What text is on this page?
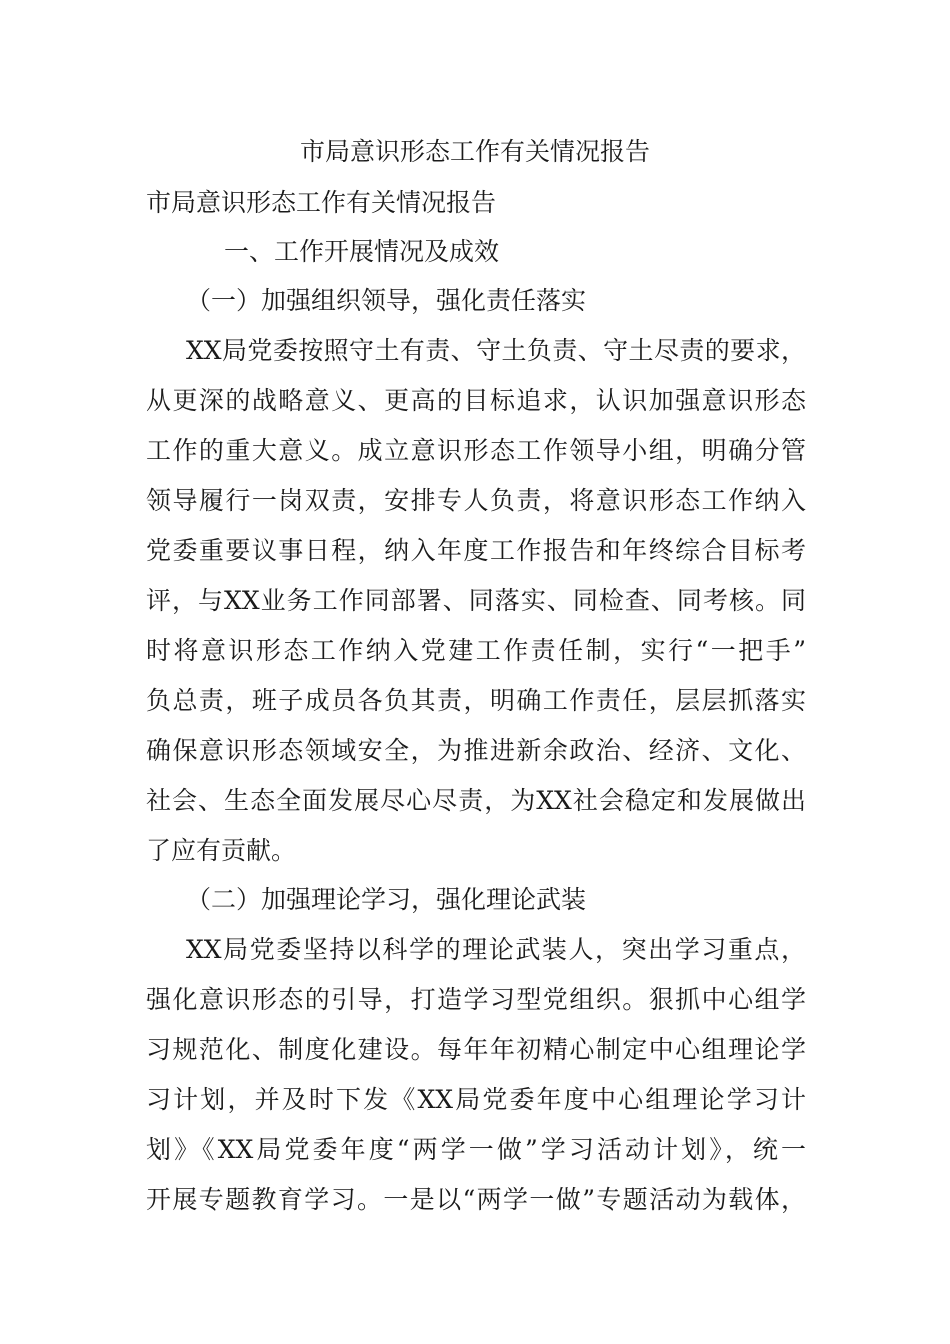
市局意识形态工作有关情况报告

市局意识形态工作有关情况报告

一、工作开展情况及成效

（一）加强组织领导，强化责任落实

XX局党委按照守土有责、守土负责、守土尽责的要求，

从更深的战略意义、更高的目标追求，认识加强意识形态

工作的重大意义。成立意识形态工作领导小组，明确分管

领导履行一岗双责，安排专人负责，将意识形态工作纳入

党委重要议事日程，纳入年度工作报告和年终综合目标考

评，与XX业务工作同部署、同落实、同检查、同考核。同

时将意识形态工作纳入党建工作责任制，实行“一把手”

负总责，班子成员各负其责，明确工作责任，层层抓落实

确保意识形态领域安全，为推进新余政治、经济、文化、

社会、生态全面发展尽心尽责，为XX社会稳定和发展做出

了应有贡献。

（二）加强理论学习，强化理论武装

XX局党委坚持以科学的理论武装人，突出学习重点，

强化意识形态的引导，打造学习型党组织。狠抓中心组学

习规范化、制度化建设。每年年初精心制定中心组理论学

习计划，并及时下发《XX局党委年度中心组理论学习计

划》《XX局党委年度“两学一做”学习活动计划》，统一

开展专题教育学习。一是以“两学一做”专题活动为载体，
